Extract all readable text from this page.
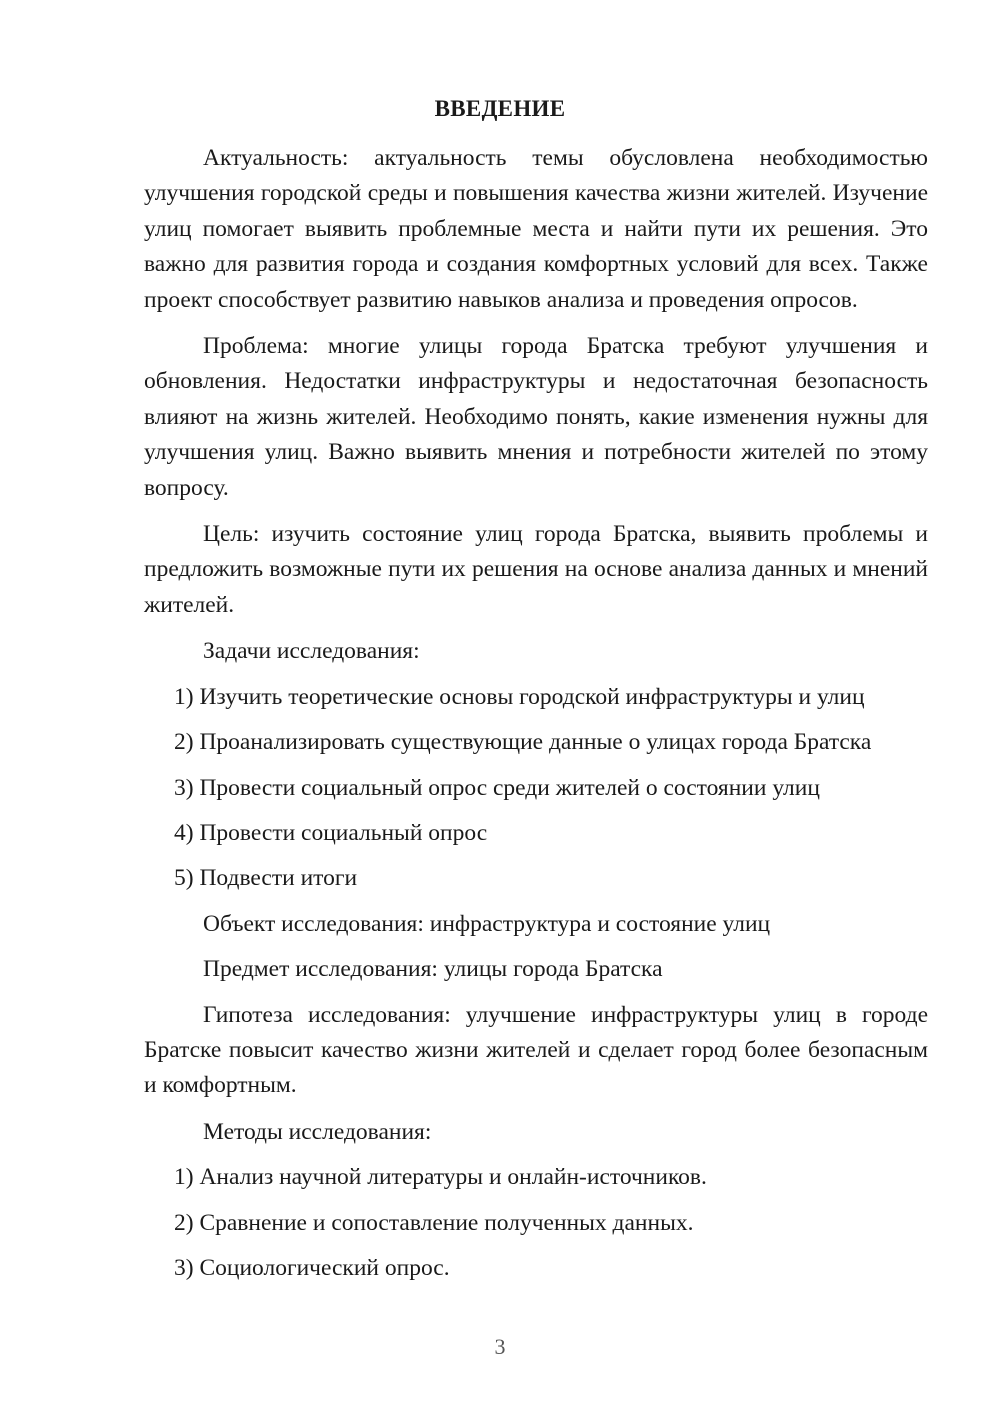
ВВЕДЕНИЕ

Актуальность: актуальность темы обусловлена необходимостью улучшения городской среды и повышения качества жизни жителей. Изучение улиц помогает выявить проблемные места и найти пути их решения. Это важно для развития города и создания комфортных условий для всех. Также проект способствует развитию навыков анализа и проведения опросов.

Проблема: многие улицы города Братска требуют улучшения и обновления. Недостатки инфраструктуры и недостаточная безопасность влияют на жизнь жителей. Необходимо понять, какие изменения нужны для улучшения улиц. Важно выявить мнения и потребности жителей по этому вопросу.

Цель: изучить состояние улиц города Братска, выявить проблемы и предложить возможные пути их решения на основе анализа данных и мнений жителей.

Задачи исследования:

1) Изучить теоретические основы городской инфраструктуры и улиц

2) Проанализировать существующие данные о улицах города Братска

3) Провести социальный опрос среди жителей о состоянии улиц

4) Провести социальный опрос

5) Подвести итоги

Объект исследования: инфраструктура и состояние улиц

Предмет исследования: улицы города Братска

Гипотеза исследования: улучшение инфраструктуры улиц в городе Братске повысит качество жизни жителей и сделает город более безопасным и комфортным.

Методы исследования:

1) Анализ научной литературы и онлайн-источников.

2) Сравнение и сопоставление полученных данных.

3) Социологический опрос.

3
